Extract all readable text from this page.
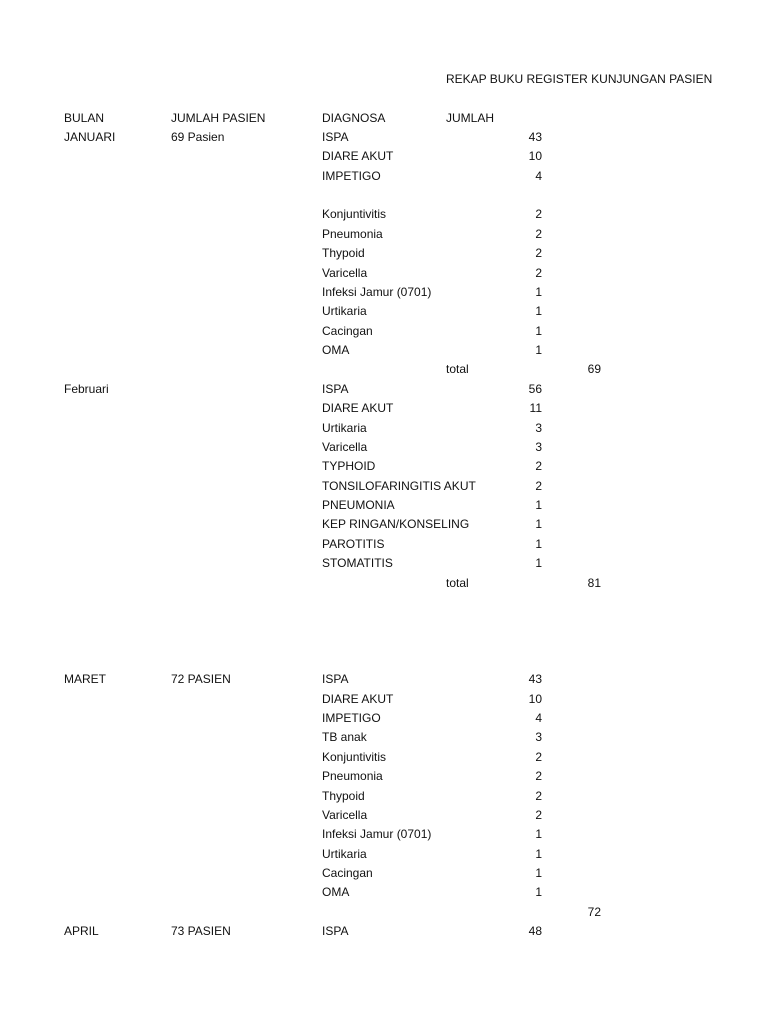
REKAP BUKU REGISTER KUNJUNGAN PASIEN
BULAN	JUMLAH PASIEN	DIAGNOSA	JUMLAH
JANUARI	69 Pasien	ISPA	43
DIARE AKUT	10
IMPETIGO	4
Konjuntivitis	2
Pneumonia	2
Thypoid	2
Varicella	2
Infeksi Jamur (0701)	1
Urtikaria	1
Cacingan	1
OMA	1
total	69
Februari	ISPA	56
DIARE AKUT	11
Urtikaria	3
Varicella	3
TYPHOID	2
TONSILOFARINGITIS AKUT	2
PNEUMONIA	1
KEP RINGAN/KONSELING	1
PAROTITIS	1
STOMATITIS	1
total	81
MARET	72 PASIEN	ISPA	43
DIARE AKUT	10
IMPETIGO	4
TB anak	3
Konjuntivitis	2
Pneumonia	2
Thypoid	2
Varicella	2
Infeksi Jamur (0701)	1
Urtikaria	1
Cacingan	1
OMA	1
72
APRIL	73 PASIEN	ISPA	48
